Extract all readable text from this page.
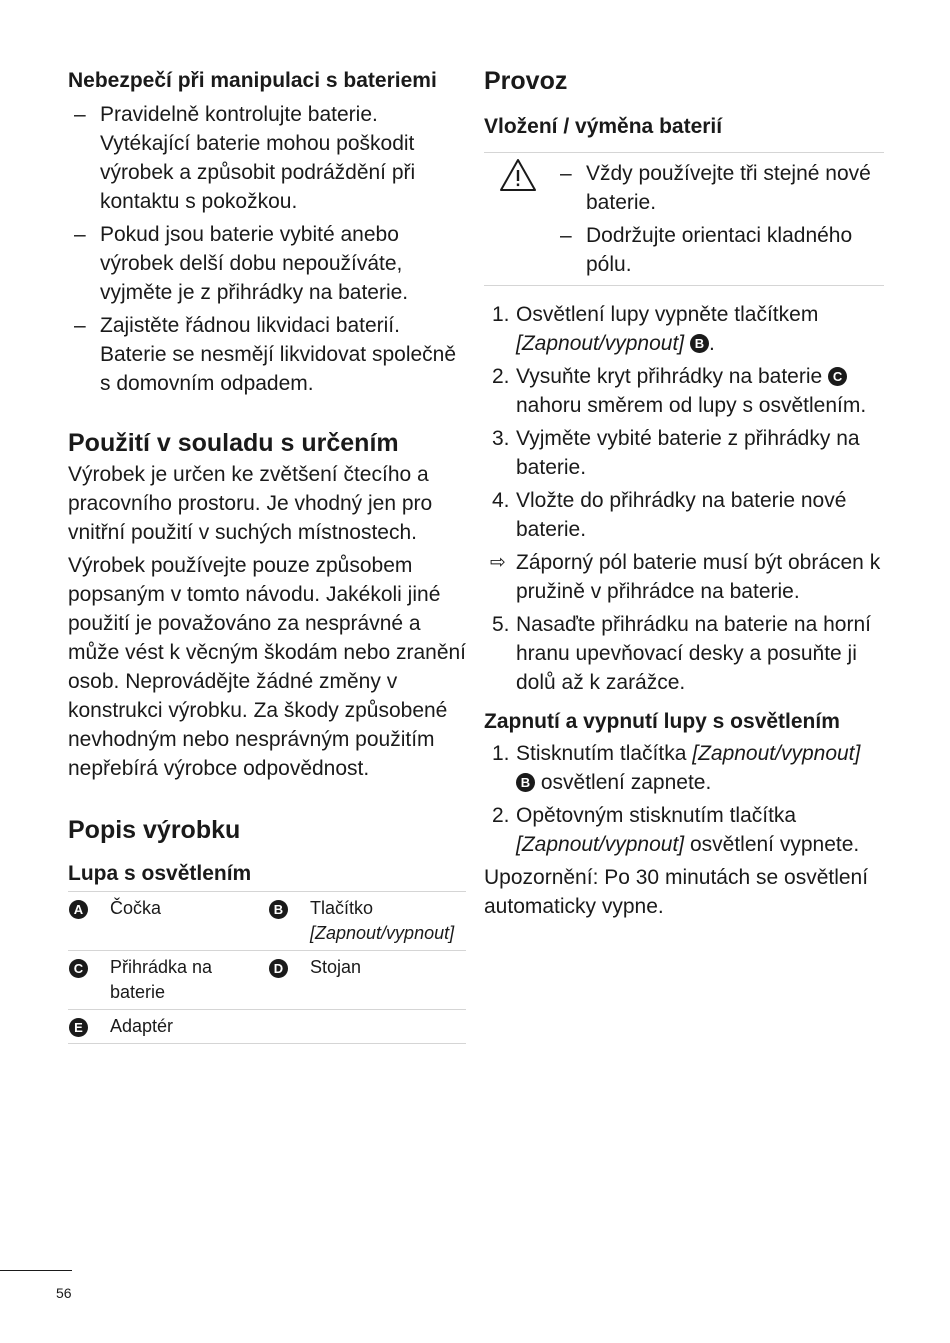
Nebezpečí při manipulaci s bateriemi

– Pravidelně kontrolujte baterie. Vytékající baterie mohou poškodit výrobek a způsobit podráždění při kontaktu s pokožkou.
– Pokud jsou baterie vybité anebo výrobek delší dobu nepoužíváte, vyjměte je z přihrádky na baterie.
– Zajistěte řádnou likvidaci baterií. Baterie se nesmějí likvidovat společně s domovním odpadem.

Použití v souladu s určením

Výrobek je určen ke zvětšení čtecího a pracovního prostoru. Je vhodný jen pro vnitřní použití v suchých místnostech.

Výrobek používejte pouze způsobem popsaným v tomto návodu. Jakékoli jiné použití je považováno za nesprávné a může vést k věcným škodám nebo zranění osob. Neprovádějte žádné změny v konstrukci výrobku. Za škody způsobené nevhodným nebo nesprávným použitím nepřebírá výrobce odpovědnost.

Popis výrobku

Lupa s osvětlením

A Čočka	B Tlačítko
[Zapnout/vypnout]

C Přihrádka na baterie	D Stojan

E Adaptér	

Provoz

Vložení / výměna baterií

– Vždy používejte tři stejné nové baterie.
– Dodržujte orientaci kladného pólu.
1. Osvětlení lupy vypněte tlačítkem [Zapnout/vypnout] B .
2. Vysuňte kryt přihrádky na baterie C nahoru směrem od lupy s osvětlením.
3. Vyjměte vybité baterie z přihrádky na baterie.
4. Vložte do přihrádky na baterie nové baterie.
⇨ Záporný pól baterie musí být obrácen k pružině v přihrádce na baterie.
5. Nasaďte přihrádku na baterie na horní hranu upevňovací desky a posuňte ji dolů až k zarážce.

Zapnutí a vypnutí lupy s osvětlením

1. Stisknutím tlačítka [Zapnout/vypnout] B osvětlení zapnete.
2. Opětovným stisknutím tlačítka [Zapnout/vypnout] osvětlení vypnete.

Upozornění: Po 30 minutách se osvětlení automaticky vypne.

56
